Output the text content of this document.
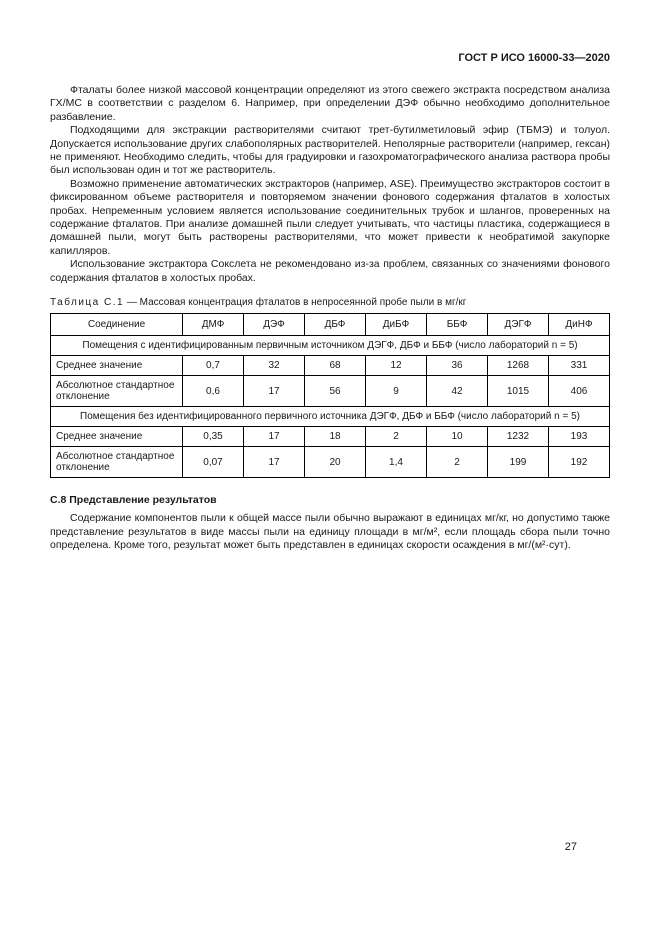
ГОСТ Р ИСО 16000-33—2020

Фталаты более низкой массовой концентрации определяют из этого свежего экстракта посредством анализа ГХ/МС в соответствии с разделом 6. Например, при определении ДЭФ обычно необходимо дополнительное разбавление.

Подходящими для экстракции растворителями считают трет-бутилметиловый эфир (ТБМЭ) и толуол. Допускается использование других слабополярных растворителей. Неполярные растворители (например, гексан) не применяют. Необходимо следить, чтобы для градуировки и газохроматографического анализа раствора пробы был использован один и тот же растворитель.

Возможно применение автоматических экстракторов (например, ASE). Преимущество экстракторов состоит в фиксированном объеме растворителя и повторяемом значении фонового содержания фталатов в холостых пробах. Непременным условием является использование соединительных трубок и шлангов, проверенных на содержание фталатов. При анализе домашней пыли следует учитывать, что частицы пластика, содержащиеся в домашней пыли, могут быть растворены растворителями, что может привести к необратимой закупорке капилляров.

Использование экстрактора Сокслета не рекомендовано из-за проблем, связанных со значениями фонового содержания фталатов в холостых пробах.

Таблица С.1 — Массовая концентрация фталатов в непросеянной пробе пыли в мг/кг
Соединение	ДМФ	ДЭФ	ДБФ	ДиБФ	ББФ	ДЭГФ	ДиНФ
Помещения с идентифицированным первичным источником ДЭГФ, ДБФ и ББФ (число лабораторий n = 5)							
Среднее значение	0,7	32	68	12	36	1268	331
Абсолютное стандартное отклонение	0,6	17	56	9	42	1015	406
Помещения без идентифицированного первичного источника ДЭГФ, ДБФ и ББФ (число лабораторий n = 5)							
Среднее значение	0,35	17	18	2	10	1232	193
Абсолютное стандартное отклонение	0,07	17	20	1,4	2	199	192
С.8 Представление результатов

Содержание компонентов пыли к общей массе пыли обычно выражают в единицах мг/кг, но допустимо также представление результатов в виде массы пыли на единицу площади в мг/м², если площадь сбора пыли точно определена. Кроме того, результат может быть представлен в единицах скорости осаждения в мг/(м²·сут).

27
